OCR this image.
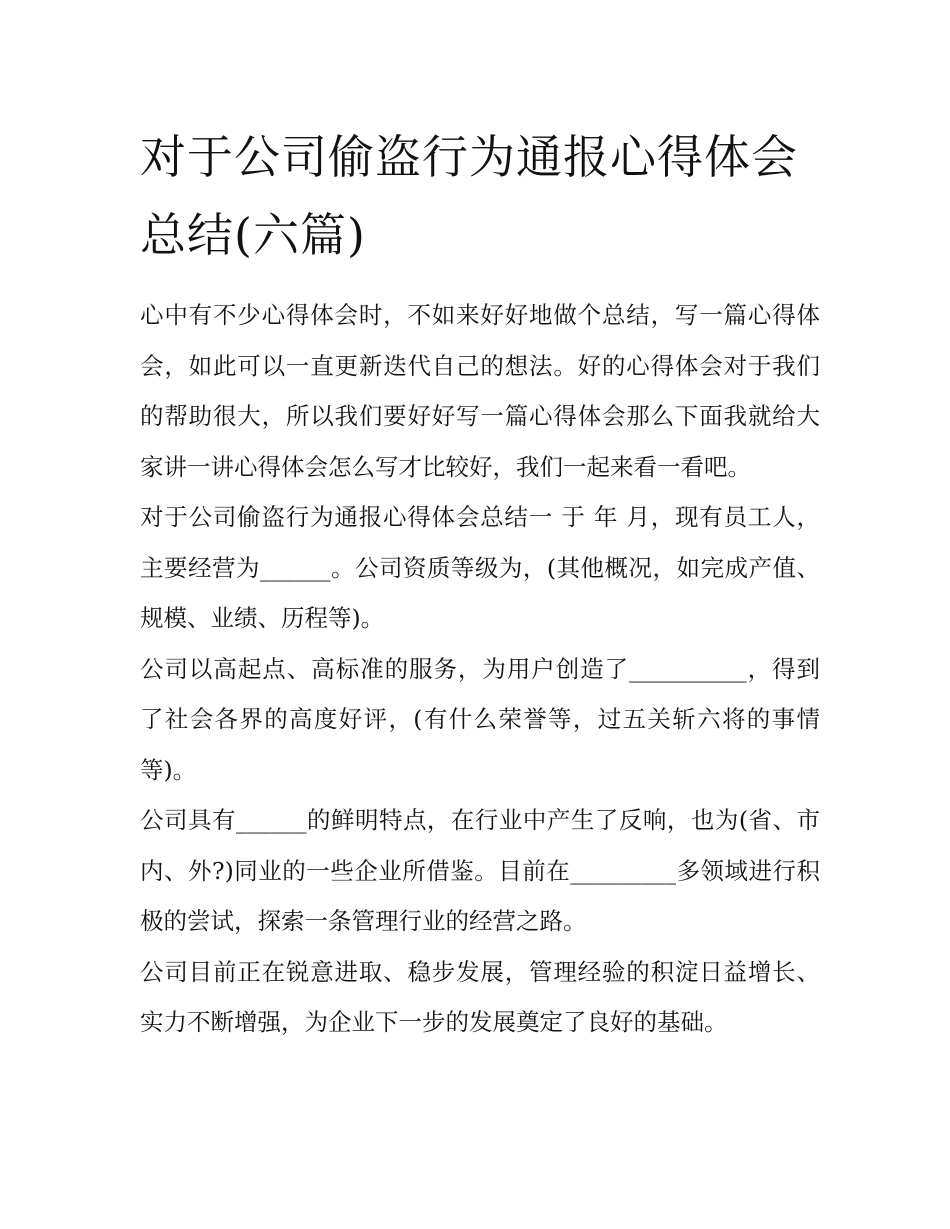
对于公司偷盗行为通报心得体会总结(六篇)

心中有不少心得体会时，不如来好好地做个总结，写一篇心得体会，如此可以一直更新迭代自己的想法。好的心得体会对于我们的帮助很大，所以我们要好好写一篇心得体会那么下面我就给大家讲一讲心得体会怎么写才比较好，我们一起来看一看吧。

对于公司偷盗行为通报心得体会总结一 于 年 月，现有员工人，主要经营为______。公司资质等级为，(其他概况，如完成产值、规模、业绩、历程等)。

公司以高起点、高标准的服务，为用户创造了__________，得到了社会各界的高度好评，(有什么荣誉等，过五关斩六将的事情等)。

公司具有______的鲜明特点，在行业中产生了反响，也为(省、市内、外?)同业的一些企业所借鉴。目前在_________多领域进行积极的尝试，探索一条管理行业的经营之路。

公司目前正在锐意进取、稳步发展，管理经验的积淀日益增长、实力不断增强，为企业下一步的发展奠定了良好的基础。
